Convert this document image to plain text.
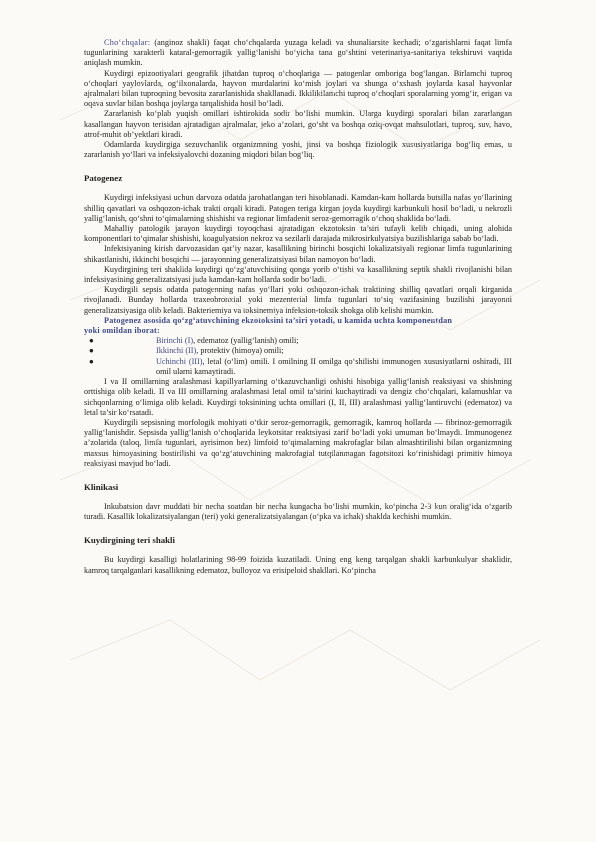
Cho‘chqalar: (anginoz shakli) faqat cho‘chqalarda yuzaga keladi va shunaliarsite kechadi; o‘zgarishlarni faqat limfa tugunlarining xarakterli kataral-gemorragik yallig‘lanishi bo‘yicha tana go‘shtini veterinariya-sanitariya tekshiruvi vaqtida aniqlash mumkin.

Kuydirgi epizootiyalari geografik jihatdan tuproq o‘choqlariga — patogenlar omboriga bog‘langan. Birlamchi tuproq o‘choqlari yaylovlarda, og‘ilxonalarda, hayvon murdalarini ko‘mish joylari va shunga o‘xshash joylarda kasal hayvonlar ajralmalari bilan tuproqning bevosita zararlanishida shakllanadi. Ikkilikilamchi tuproq o‘choqlari sporalarning yomg‘ir, erigan va oqava suvlar bilan boshqa joylarga tarqalishida hosil bo‘ladi.

Zararlanish ko‘plab yuqish omillari ishtirokida sodir bo‘lishi mumkin. Ularga kuydirgi sporalari bilan zararlangan kasallangan hayvon terisidan ajratadigan ajralmalar, jeko a’zolari, go‘sht va boshqa oziq-ovqat mahsulotlari, tuproq, suv, havo, atrof-muhit ob’yektlari kiradi.

Odamlarda kuydirgiga sezuvchanlik organizmning yoshi, jinsi va boshqa fiziologik xususiyatlariga bog‘liq emas, u zararlanish yo‘llari va infeksiyalovchi dozaning miqdori bilan bog‘liq.

Patogenez

Kuydirgi infeksiyasi uchun darvoza odatda jarohatlangan teri hisoblanadi. Kamdan-kam hollarda butsilla nafas yo‘llarining shilliq qavatlari va oshqozon-ichak trakti orqali kiradi. Patogen teriga kirgan joyda kuydirgi karbunkuli hosil bo‘ladi, u nekrozli yallig‘lanish, qo‘shni to‘qimalarning shishishi va regionar limfadenit seroz-gemorragik o‘choq shaklida bo‘ladi.

Mahalliy patologik jarayon kuydirgi toyoqchasi ajratadigan ekzotoksin ta’siri tufayli kelib chiqadi, uning alohida komponentlari to‘qimalar shishishi, koagulyatsion nekroz va sezilarli darajada mikrosirkulyatsiya buzilishlariga sabab bo‘ladi.

Infektsiyaning kirish darvozasidan qat’iy nazar, kasallikning birinchi bosqichi lokalizatsiyali regionar limfa tugunlarining shikastlanishi, ikkinchi bosqichi — jarayonning generalizatsiyasi bilan namoyon bo‘ladi.

Kuydirgining teri shaklida kuydirgi qo‘zg‘atuvchisiing qonga yorib o‘tishi va kasallikning septik shakli rivojlanishi bilan infeksiyasining generalizatsiyasi juda kamdan-kam hollarda sodir bo‘ladi.

Kuydirgili sepsis odatda patogenning nafas yo‘llari yoki oshqozon-ichak traktining shilliq qavatlari orqali kirganida rivojlanadi. Bunday hollarda traxeobronxial yoki mezenterial limfa tugunlari to‘siq vazifasining buzilishi jarayonni generalizatsiyasiga olib keladi. Bakteriemiya va toksinemiya infeksion-toksik shokga olib kelishi mumkin.

Patogenez asosida qo‘zg‘atuvchining ekzotoksini ta’siri yotadi, u kamida uchta komponentdan

yoki omildan iborat:

●	Birinchi (I), edematoz (yallig‘lanish) omili;
●	Ikkinchi (II), protektiv (himoya) omili;
●	Uchinchi (III), letal (o‘lim) omili. I omilning II omilga qo‘shilishi immunogen xususiyatlarni oshiradi, III omil ularni kamaytiradi.

I va II omillarning aralashmasi kapillyarlarning o‘tkazuvchanligi oshishi hisobiga yallig‘lanish reaksiyasi va shishning orttishiga olib keladi. II va III omillarning aralashmasi letal omil ta’sirini kuchaytiradi va dengiz cho‘chqalari, kalamushlar va sichqonlarning o‘limiga olib keladi. Kuydirgi toksinining uchta omillari (I, II, III) aralashmasi yallig‘lantiruvchi (edematoz) va letal ta’sir ko‘rsatadi.

Kuydirgili sepsisning morfologik mohiyati o‘tkir seroz-gemorragik, gemorragik, kamroq hollarda — fibrinoz-gemorragik yallig‘lanishdir. Sepsisda yallig‘lanish o‘choqlarida leykotsitar reaktsiyasi zarif bo‘ladi yoki umuman bo‘lmaydi. Immunogenez a’zolarida (taloq, limfa tugunlari, ayrisimon bez) limfoid to‘qimalarning makrofaglar bilan almashtirilishi bilan organizmning maxsus himoyasining bostirilishi va qo‘zg‘atuvchining makrofagial tutqilanmagan fagotsitozi ko‘rinishidagi primitiv himoya reaksiyasi mavjud bo‘ladi.

Klinikasi

Inkubatsion davr muddati bir necha soatdan bir necha kungacha bo‘lishi mumkin, ko‘pincha 2-3 kun oralig‘ida o‘zgarib turadi. Kasallik lokalizatsiyalangan (teri) yoki generalizatsiyalangan (o‘pka va ichak) shaklda kechishi mumkin.

Kuydirgining teri shakli

Bu kuydirgi kasalligi holatlarining 98-99 foizida kuzatiladi. Uning eng keng tarqalgan shakli karbunkulyar shaklidir, kamroq tarqalganlari kasallikning edematoz, bulloyoz va erisipeloid shakllari. Ko‘pincha
